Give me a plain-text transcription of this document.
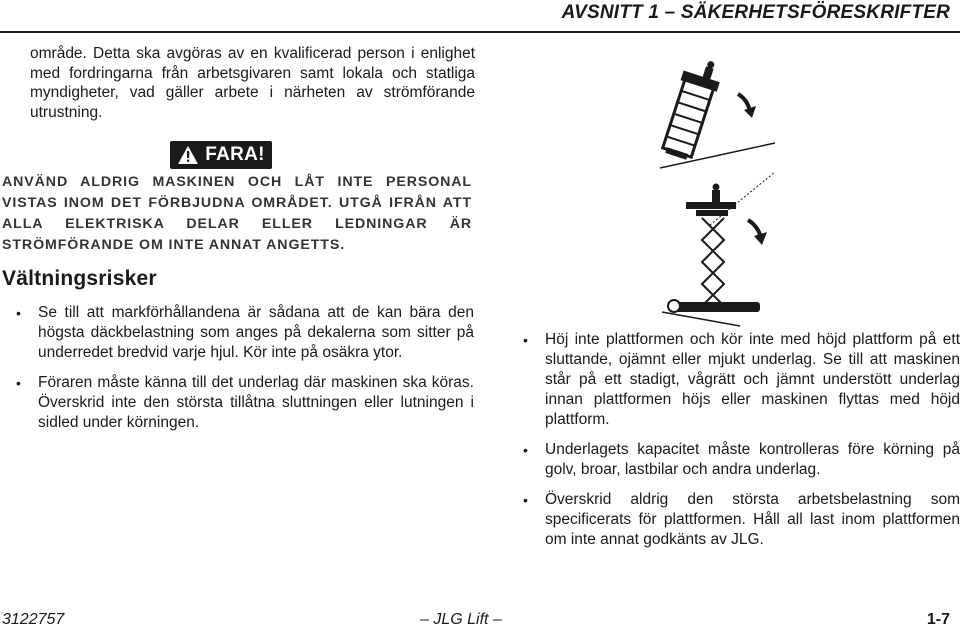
AVSNITT 1 – SÄKERHETSFÖRESKRIFTER

område. Detta ska avgöras av en kvalificerad person i enlighet med fordringarna från arbetsgivaren samt lokala och statliga myndigheter, vad gäller arbete i närheten av strömförande utrustning.

FARA!

ANVÄND ALDRIG MASKINEN OCH LÅT INTE PERSONAL VISTAS INOM DET FÖRBJUDNA OMRÅDET. UTGÅ IFRÅN ATT ALLA ELEKTRISKA DELAR ELLER LEDNINGAR ÄR STRÖMFÖRANDE OM INTE ANNAT ANGETTS.

Vältningsrisker
• Se till att markförhållandena är sådana att de kan bära den högsta däckbelastning som anges på dekalerna som sitter på underredet bredvid varje hjul. Kör inte på osäkra ytor.
• Föraren måste känna till det underlag där maskinen ska köras. Överskrid inte den största tillåtna sluttningen eller lutningen i sidled under körningen.
• Höj inte plattformen och kör inte med höjd plattform på ett sluttande, ojämnt eller mjukt underlag. Se till att maskinen står på ett stadigt, vågrätt och jämnt understött underlag innan plattformen höjs eller maskinen flyttas med höjd plattform.
• Underlagets kapacitet måste kontrolleras före körning på golv, broar, lastbilar och andra underlag.
• Överskrid aldrig den största arbetsbelastning som specificerats för plattformen. Håll all last inom plattformen om inte annat godkänts av JLG.
3122757	– JLG Lift –	1-7
